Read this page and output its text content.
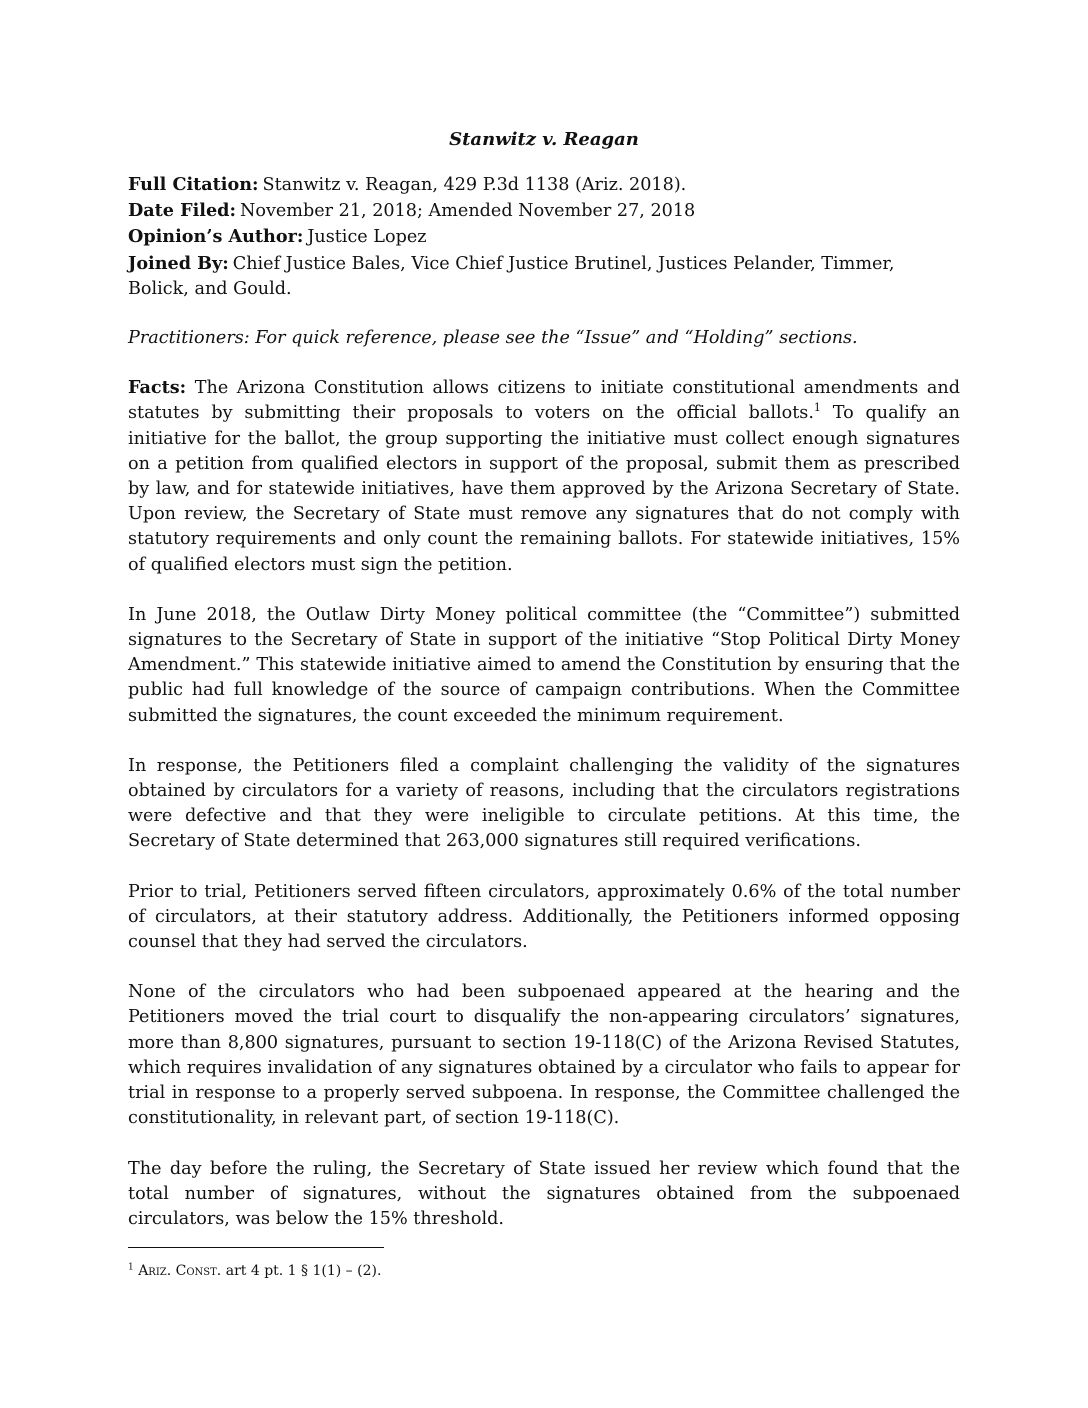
Stanwitz v. Reagan

Full Citation: Stanwitz v. Reagan, 429 P.3d 1138 (Ariz. 2018).

Date Filed: November 21, 2018; Amended November 27, 2018

Opinion’s Author: Justice Lopez

Joined By: Chief Justice Bales, Vice Chief Justice Brutinel, Justices Pelander, Timmer, Bolick, and Gould.

Practitioners: For quick reference, please see the “Issue” and “Holding” sections.

Facts: The Arizona Constitution allows citizens to initiate constitutional amendments and statutes by submitting their proposals to voters on the official ballots.$^1$ To qualify an initiative for the ballot, the group supporting the initiative must collect enough signatures on a petition from qualified electors in support of the proposal, submit them as prescribed by law, and for statewide initiatives, have them approved by the Arizona Secretary of State. Upon review, the Secretary of State must remove any signatures that do not comply with statutory requirements and only count the remaining ballots. For statewide initiatives, 15% of qualified electors must sign the petition.

In June 2018, the Outlaw Dirty Money political committee (the “Committee”) submitted signatures to the Secretary of State in support of the initiative “Stop Political Dirty Money Amendment.” This statewide initiative aimed to amend the Constitution by ensuring that the public had full knowledge of the source of campaign contributions. When the Committee submitted the signatures, the count exceeded the minimum requirement.

In response, the Petitioners filed a complaint challenging the validity of the signatures obtained by circulators for a variety of reasons, including that the circulators registrations were defective and that they were ineligible to circulate petitions. At this time, the Secretary of State determined that 263,000 signatures still required verifications.

Prior to trial, Petitioners served fifteen circulators, approximately 0.6% of the total number of circulators, at their statutory address. Additionally, the Petitioners informed opposing counsel that they had served the circulators.

None of the circulators who had been subpoenaed appeared at the hearing and the Petitioners moved the trial court to disqualify the non-appearing circulators’ signatures, more than 8,800 signatures, pursuant to section 19-118(C) of the Arizona Revised Statutes, which requires invalidation of any signatures obtained by a circulator who fails to appear for trial in response to a properly served subpoena. In response, the Committee challenged the constitutionality, in relevant part, of section 19-118(C).

The day before the ruling, the Secretary of State issued her review which found that the total number of signatures, without the signatures obtained from the subpoenaed circulators, was below the 15% threshold.

$^1$ Ariz. Const. art 4 pt. 1 § 1(1) – (2).
